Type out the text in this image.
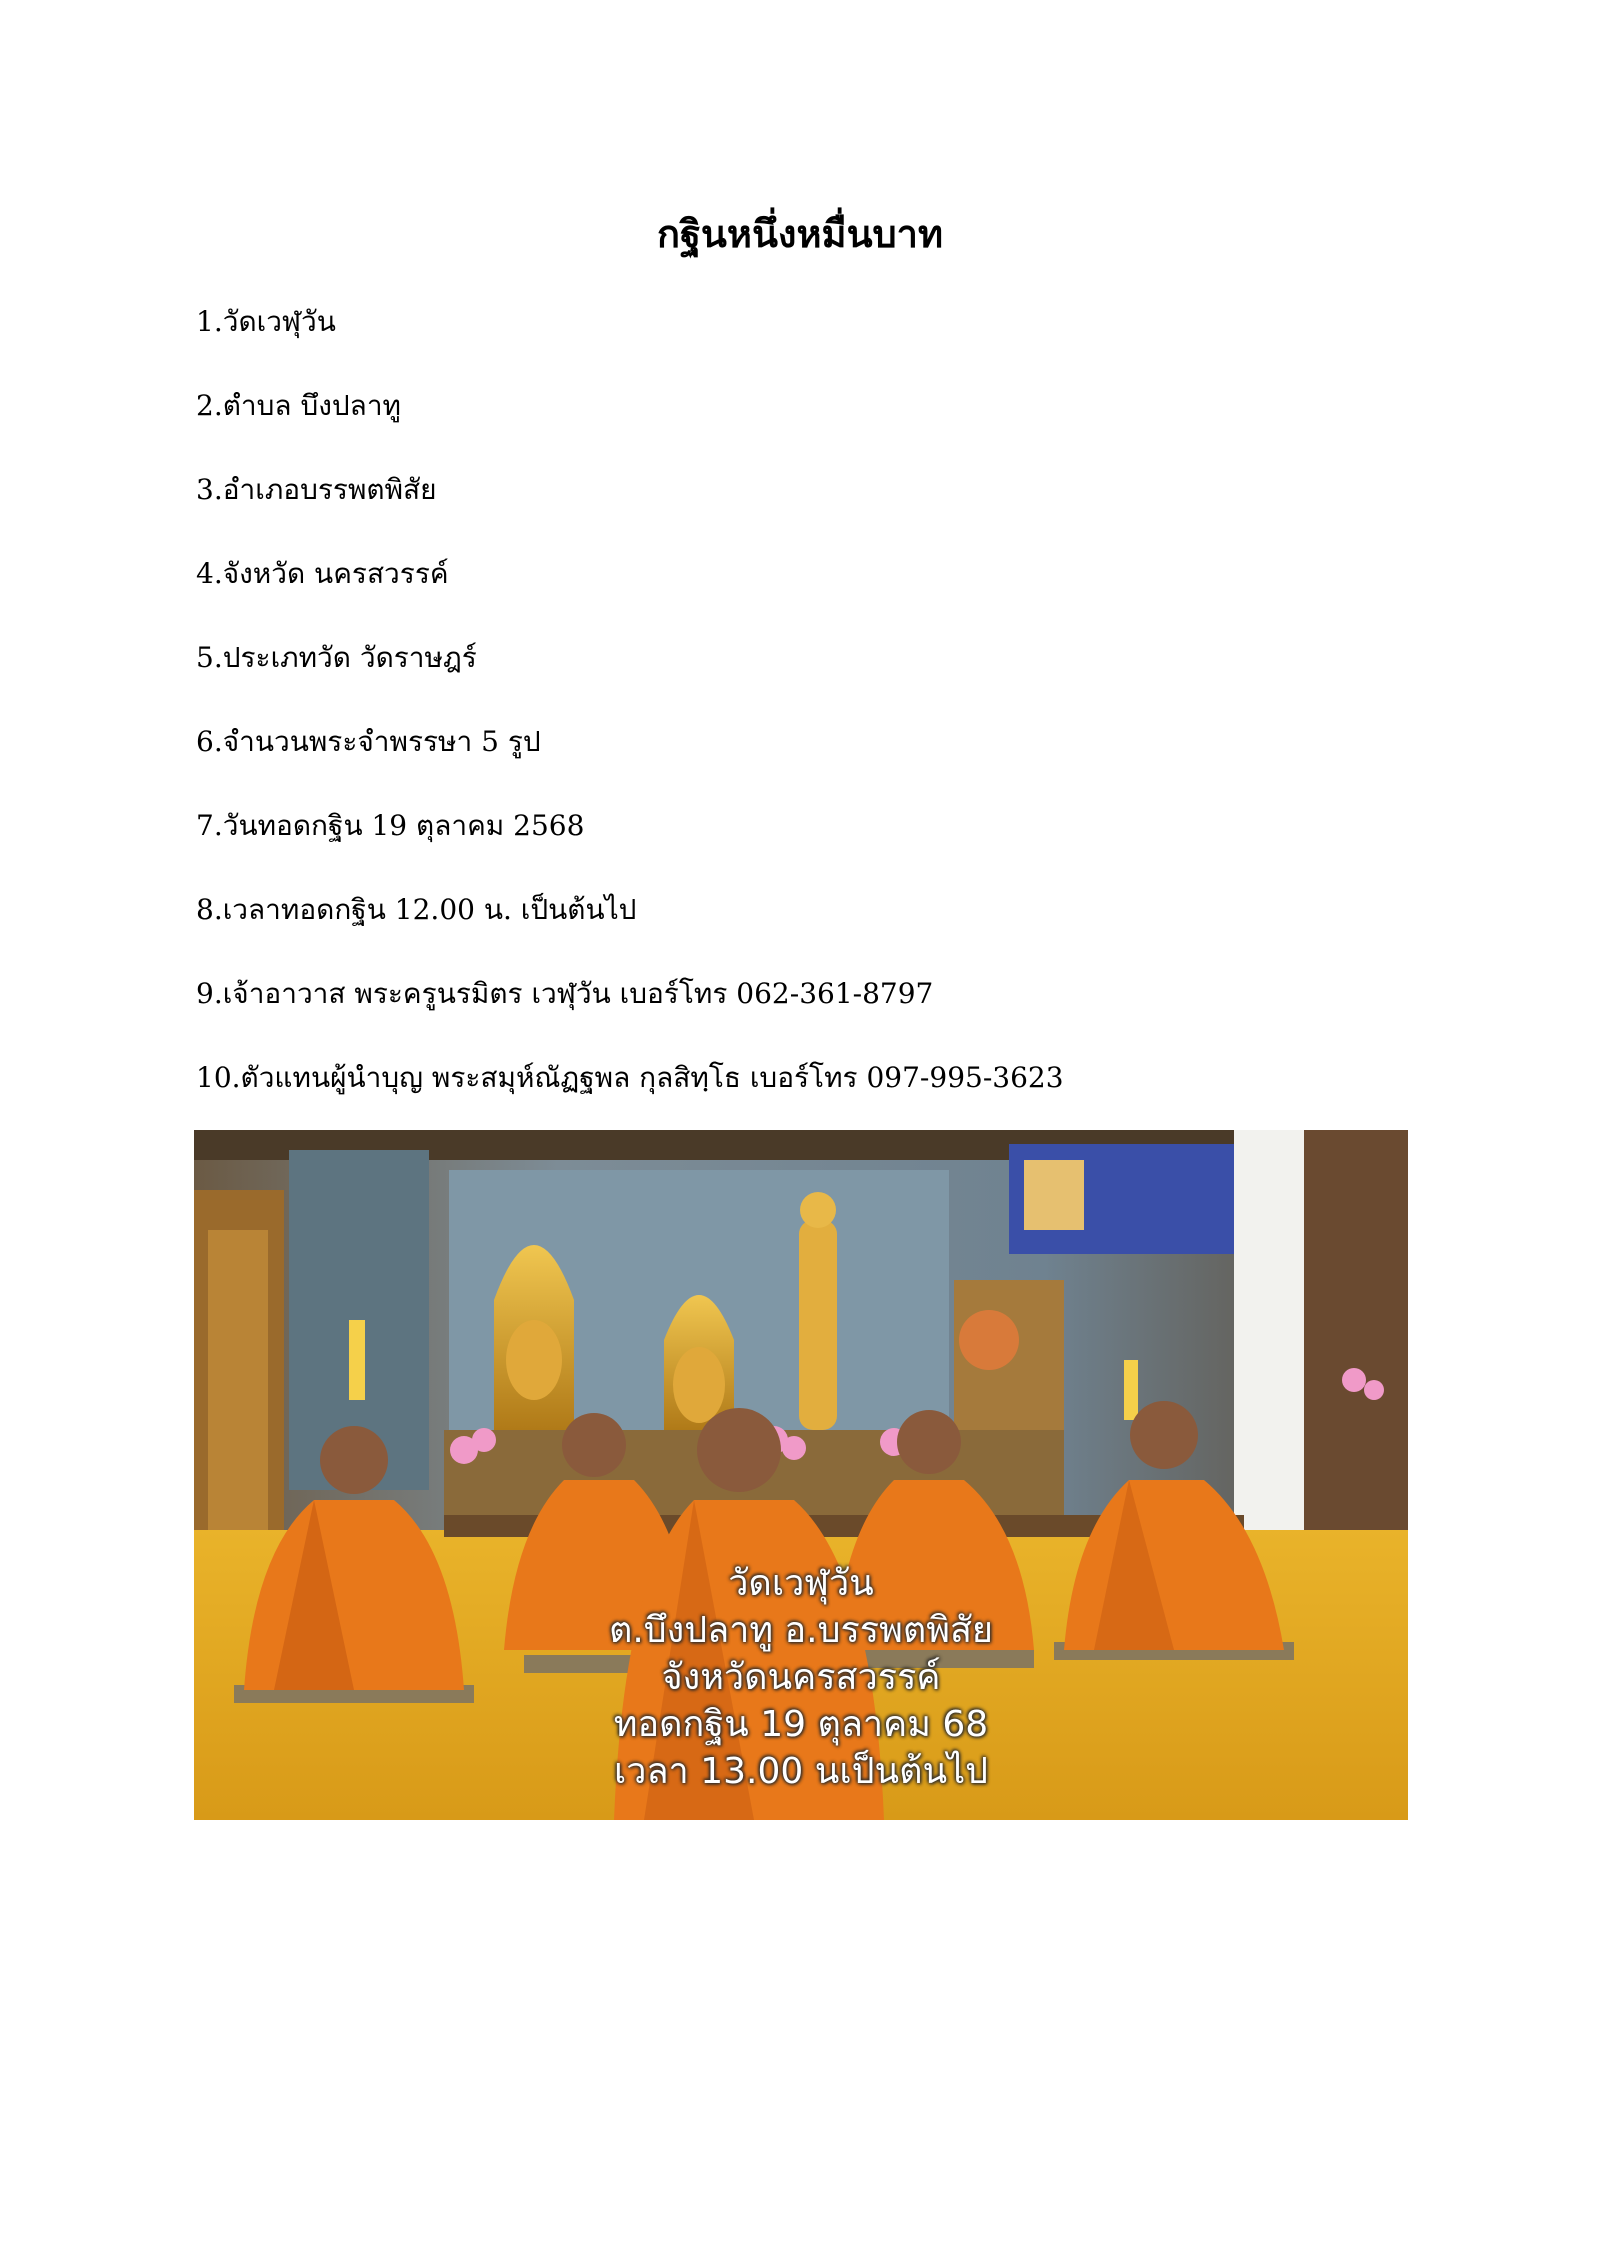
กฐินหนึ่งหมื่นบาท
1.วัดเวฬุวัน
2.ตำบล บึงปลาทู
3.อำเภอบรรพตพิสัย
4.จังหวัด นครสวรรค์
5.ประเภทวัด วัดราษฎร์
6.จำนวนพระจำพรรษา 5 รูป
7.วันทอดกฐิน 19 ตุลาคม 2568
8.เวลาทอดกฐิน 12.00 น. เป็นต้นไป
9.เจ้าอาวาส พระครูนรมิตร เวฬุวัน เบอร์โทร 062-361-8797
10.ตัวแทนผู้นำบุญ พระสมุห์ณัฏฐพล กุลสิทฺโธ เบอร์โทร 097-995-3623
วัดเวฬุวัน
ต.บึงปลาทู อ.บรรพตพิสัย
จังหวัดนครสวรรค์
ทอดกฐิน 19 ตุลาคม 68
เวลา 13.00 นเป็นต้นไป
